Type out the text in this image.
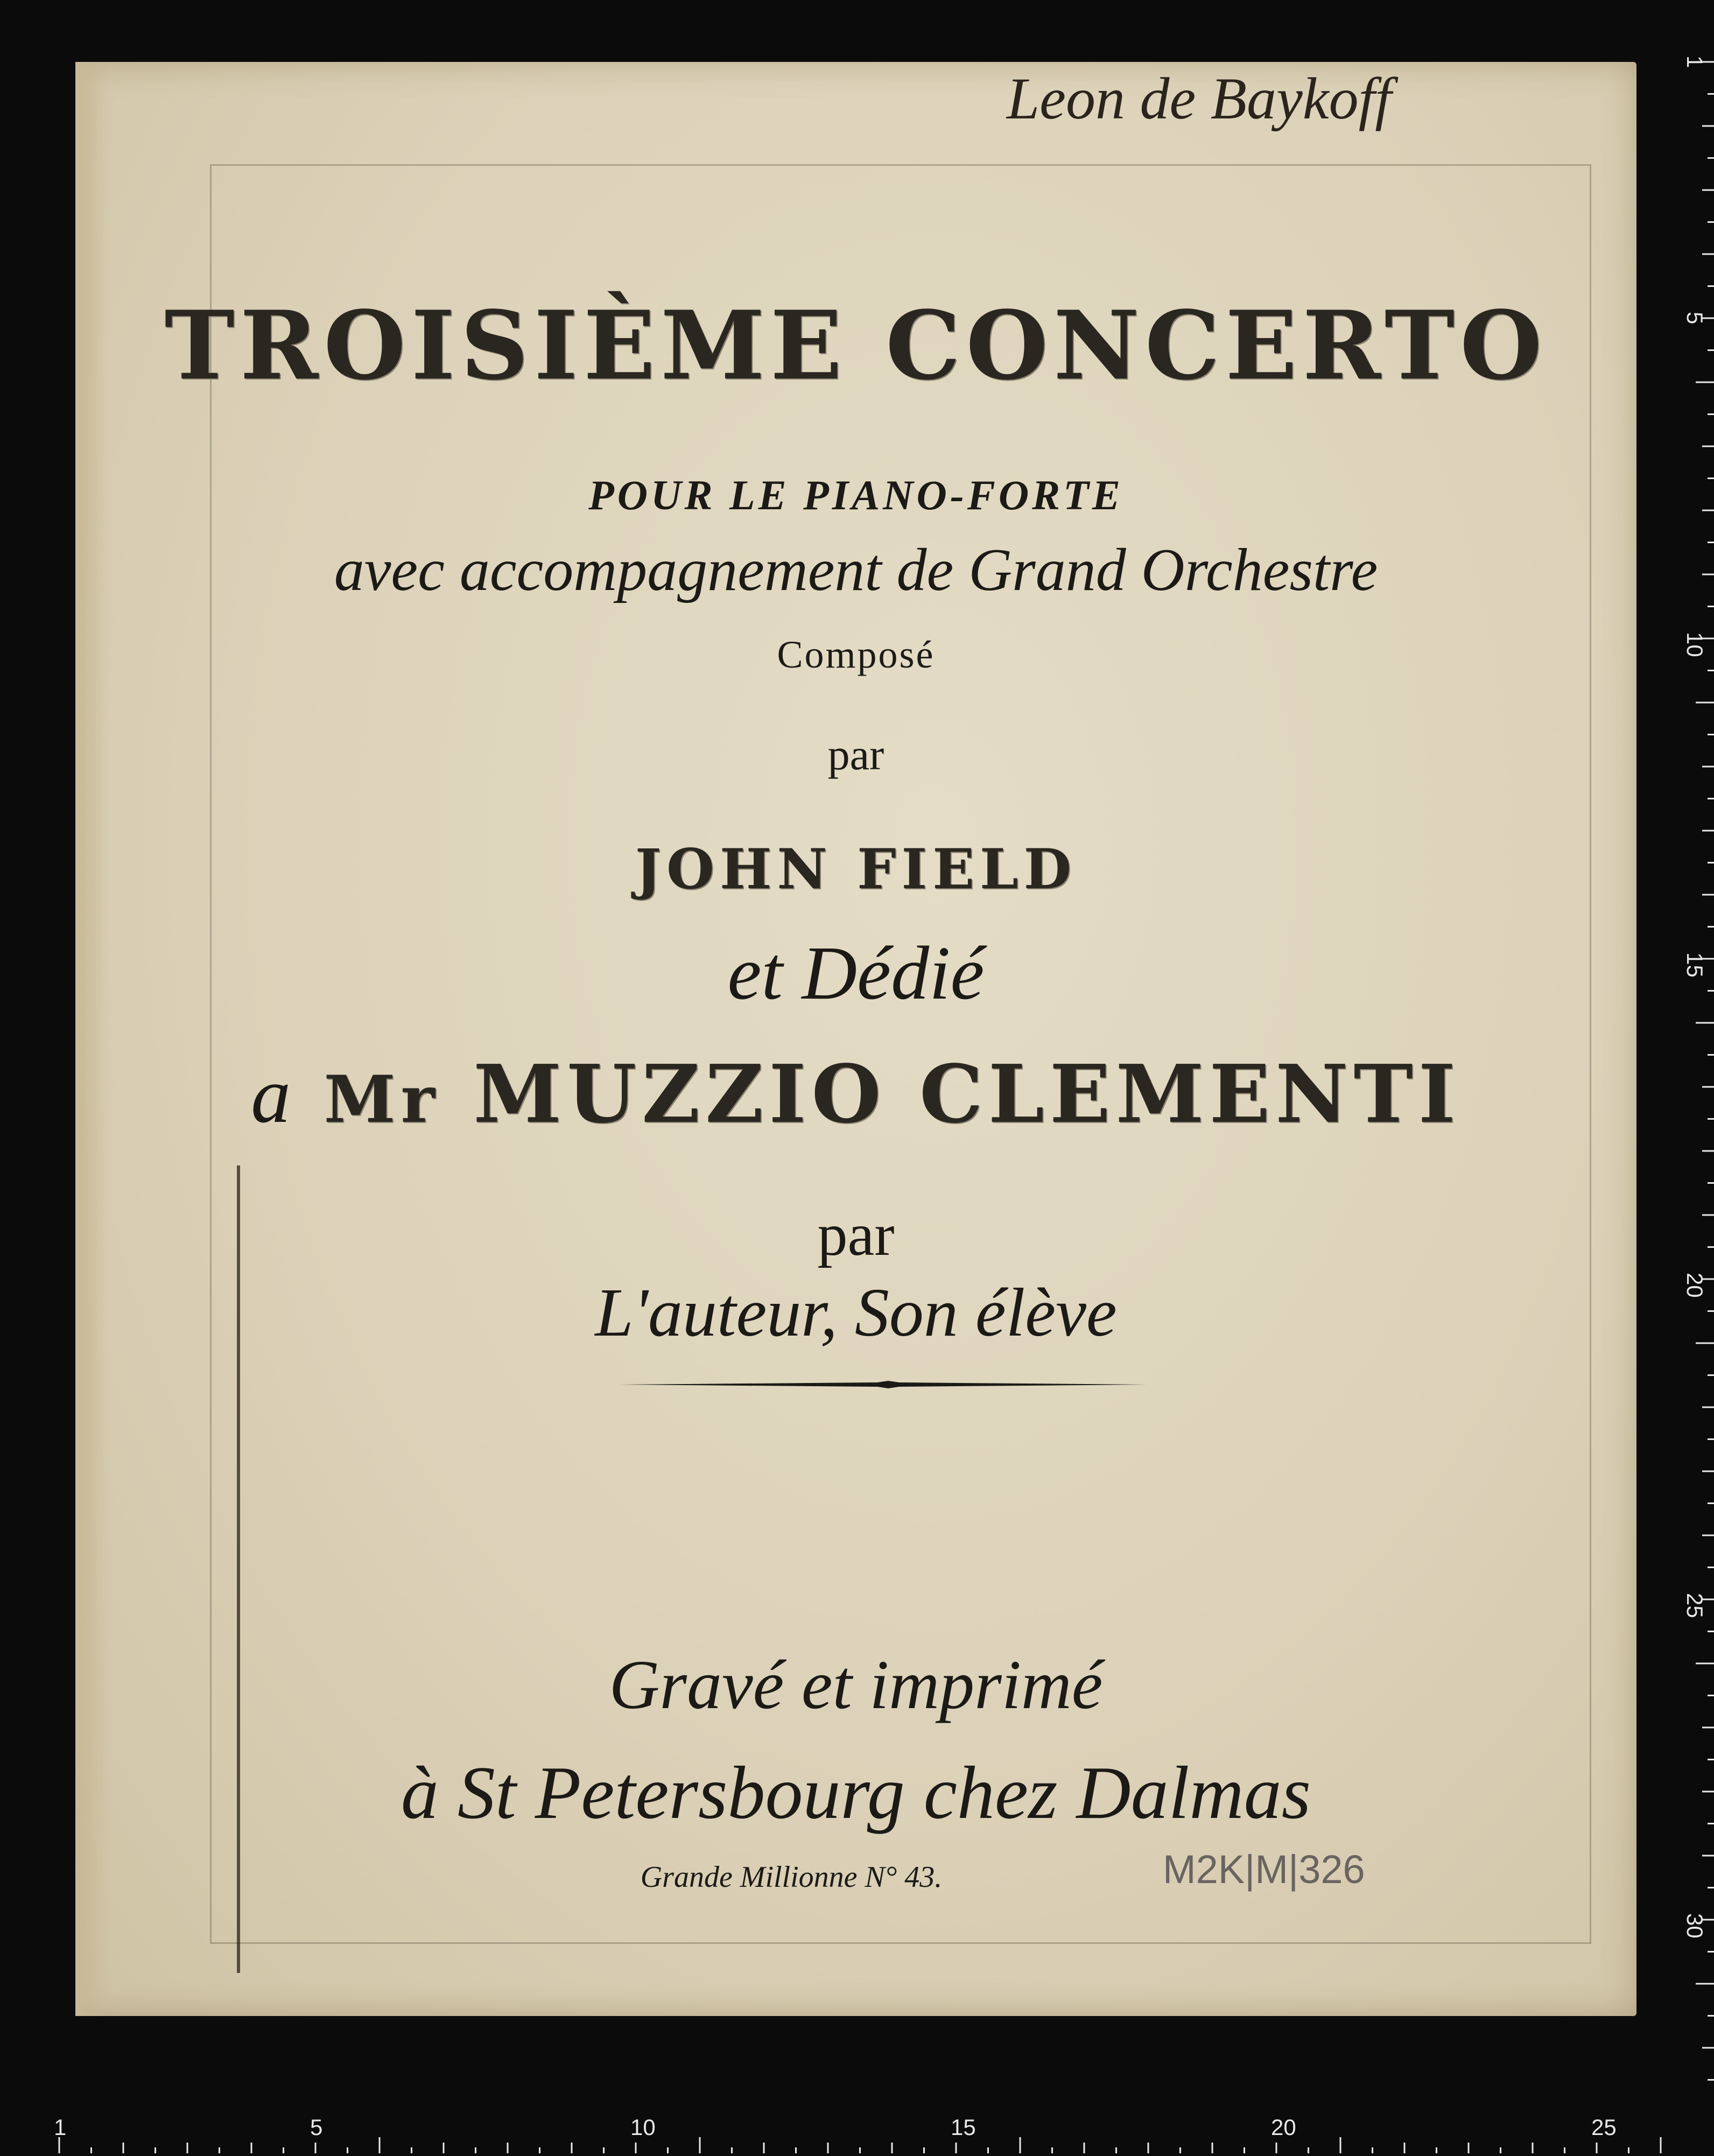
Leon de Baykoff
TROISIÈME CONCERTO
POUR LE PIANO-FORTE
avec accompagnement de Grand Orchestre
Composé
par
JOHN FIELD
et Dédié
a Mr MUZZIO CLEMENTI
par
L'auteur, Son élève
Gravé et imprimé
à St Petersbourg chez Dalmas
Grande Millionne N° 43.	M2K|M|326
1
5
10
15
20
25
30
1	5	10	15	20	25
